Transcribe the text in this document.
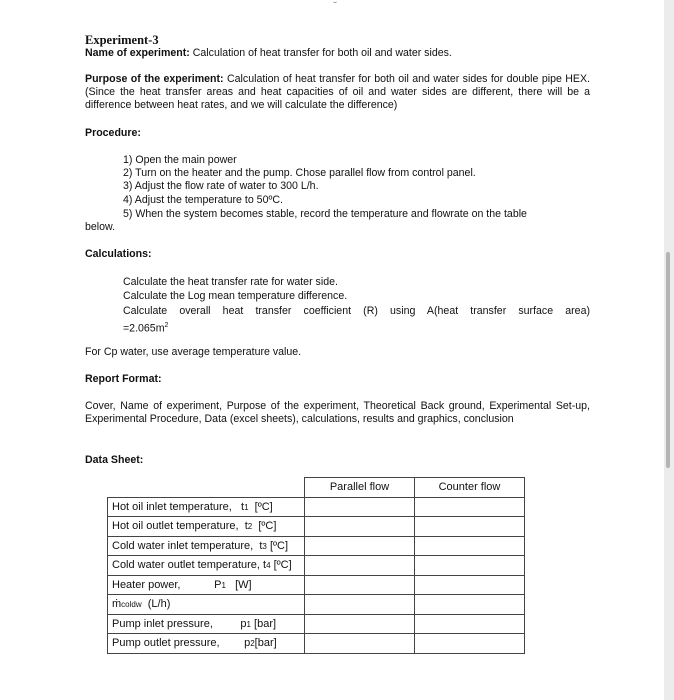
Experiment-3
Name of experiment: Calculation of heat transfer for both oil and water sides.
Purpose of the experiment: Calculation of heat transfer for both oil and water sides for double pipe HEX. (Since the heat transfer areas and heat capacities of oil and water sides are different, there will be a difference between heat rates, and we will calculate the difference)
Procedure:
1) Open the main power
2) Turn on the heater and the pump. Chose parallel flow from control panel.
3) Adjust the flow rate of water to 300 L/h.
4) Adjust the temperature to 50ºC.
5) When the system becomes stable, record the temperature and flowrate on the table
below.
Calculations:
Calculate the heat transfer rate for water side.
Calculate the Log mean temperature difference.
Calculate overall heat transfer coefficient (R) using A(heat transfer surface area)
$=2.065m^2$
For Cp water, use average temperature value.
Report Format:
Cover, Name of experiment, Purpose of the experiment, Theoretical Back ground, Experimental Set-up, Experimental Procedure, Data (excel sheets), calculations, results and graphics, conclusion
Data Sheet:
	Parallel flow	Counter flow
Hot oil inlet temperature, t1 [ºC]		
Hot oil outlet temperature, t2 [ºC]		
Cold water inlet temperature, t3 [ºC]		
Cold water outlet temperature, t4 [ºC]		
Heater power, P1 [W]		
ṁcoldw (L/h)		
Pump inlet pressure, p1 [bar]		
Pump outlet pressure, p2[bar]		
